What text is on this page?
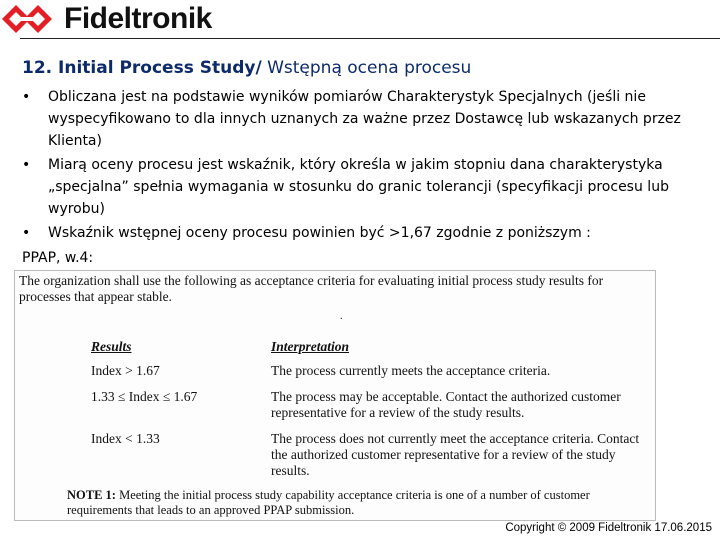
Fideltronik
12. Initial Process Study/ Wstępną ocena procesu
• Obliczana jest na podstawie wyników pomiarów Charakterystyk Specjalnych (jeśli nie wyspecyfikowano to dla innych uznanych za ważne przez Dostawcę lub wskazanych przez Klienta)
• Miarą oceny procesu jest wskaźnik, który określa w jakim stopniu dana charakterystyka „specjalna” spełnia wymagania w stosunku do granic tolerancji (specyfikacji procesu lub wyrobu)
• Wskaźnik wstępnej oceny procesu powinien być >1,67 zgodnie z poniższym :
PPAP, w.4:
The organization shall use the following as acceptance criteria for evaluating initial process study results for processes that appear stable.
.
Results	Interpretation
Index > 1.67	The process currently meets the acceptance criteria.
1.33 ≤ Index ≤ 1.67	The process may be acceptable. Contact the authorized customer representative for a review of the study results.
Index < 1.33	The process does not currently meet the acceptance criteria. Contact the authorized customer representative for a review of the study results.
NOTE 1: Meeting the initial process study capability acceptance criteria is one of a number of customer requirements that leads to an approved PPAP submission.
Copyright © 2009 Fideltronik 17.06.2015
